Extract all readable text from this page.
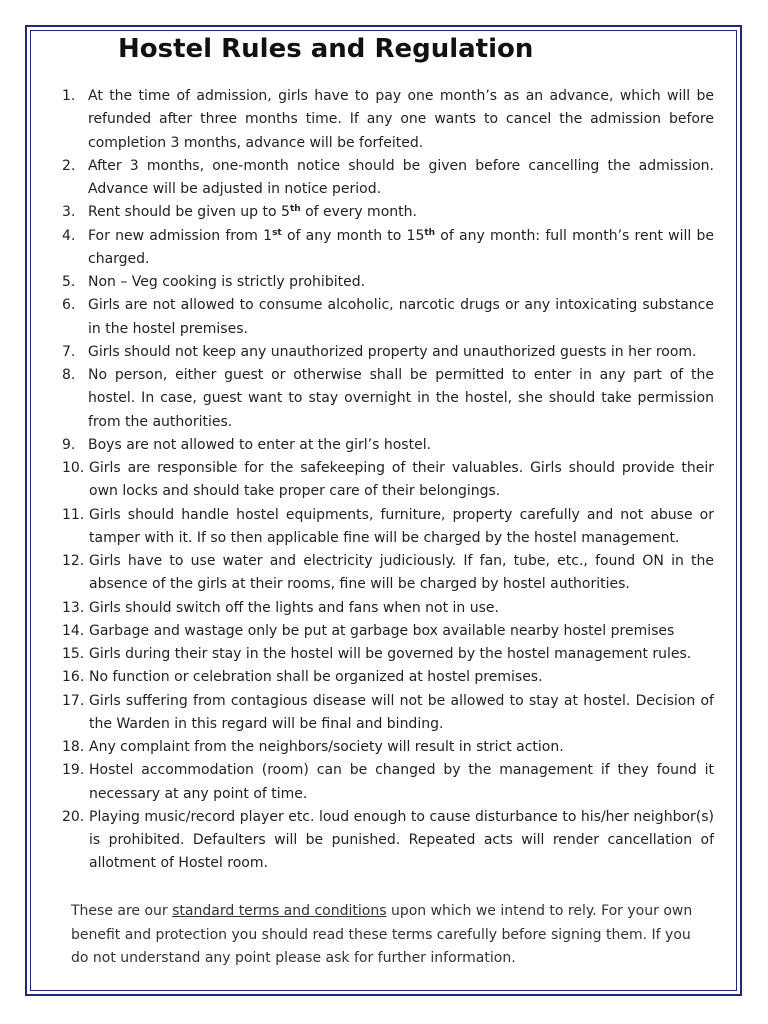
Hostel Rules and Regulation
1. At the time of admission, girls have to pay one month’s as an advance, which will be refunded after three months time. If any one wants to cancel the admission before completion 3 months, advance will be forfeited.
2. After 3 months, one-month notice should be given before cancelling the admission. Advance will be adjusted in notice period.
3. Rent should be given up to 5th of every month.
4. For new admission from 1st of any month to 15th of any month: full month’s rent will be charged.
5. Non – Veg cooking is strictly prohibited.
6. Girls are not allowed to consume alcoholic, narcotic drugs or any intoxicating substance in the hostel premises.
7. Girls should not keep any unauthorized property and unauthorized guests in her room.
8. No person, either guest or otherwise shall be permitted to enter in any part of the hostel. In case, guest want to stay overnight in the hostel, she should take permission from the authorities.
9. Boys are not allowed to enter at the girl’s hostel.
10. Girls are responsible for the safekeeping of their valuables. Girls should provide their own locks and should take proper care of their belongings.
11. Girls should handle hostel equipments, furniture, property carefully and not abuse or tamper with it. If so then applicable fine will be charged by the hostel management.
12. Girls have to use water and electricity judiciously. If fan, tube, etc., found ON in the absence of the girls at their rooms, fine will be charged by hostel authorities.
13. Girls should switch off the lights and fans when not in use.
14. Garbage and wastage only be put at garbage box available nearby hostel premises
15. Girls during their stay in the hostel will be governed by the hostel management rules.
16. No function or celebration shall be organized at hostel premises.
17. Girls suffering from contagious disease will not be allowed to stay at hostel. Decision of the Warden in this regard will be final and binding.
18. Any complaint from the neighbors/society will result in strict action.
19. Hostel accommodation (room) can be changed by the management if they found it necessary at any point of time.
20. Playing music/record player etc. loud enough to cause disturbance to his/her neighbor(s) is prohibited. Defaulters will be punished. Repeated acts will render cancellation of allotment of Hostel room.

These are our standard terms and conditions upon which we intend to rely. For your own benefit and protection you should read these terms carefully before signing them. If you do not understand any point please ask for further information.
